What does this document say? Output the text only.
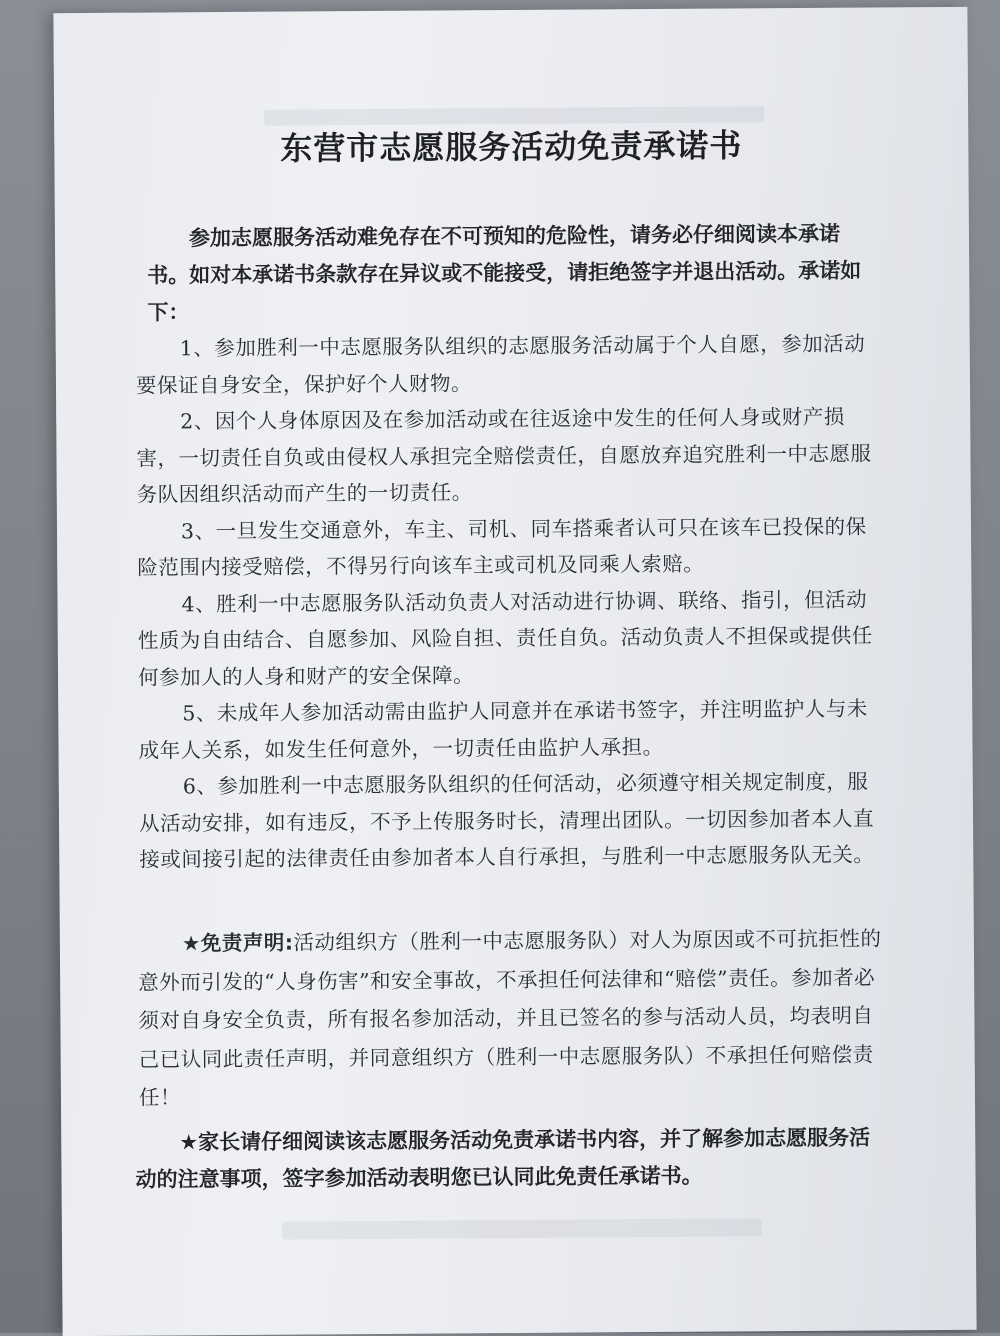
东营市志愿服务活动免责承诺书
参加志愿服务活动难免存在不可预知的危险性，请务必仔细阅读本承诺书。如对本承诺书条款存在异议或不能接受，请拒绝签字并退出活动。承诺如下：

1、参加胜利一中志愿服务队组织的志愿服务活动属于个人自愿，参加活动要保证自身安全，保护好个人财物。

2、因个人身体原因及在参加活动或在往返途中发生的任何人身或财产损害，一切责任自负或由侵权人承担完全赔偿责任，自愿放弃追究胜利一中志愿服务队因组织活动而产生的一切责任。

3、一旦发生交通意外，车主、司机、同车搭乘者认可只在该车已投保的保险范围内接受赔偿，不得另行向该车主或司机及同乘人索赔。

4、胜利一中志愿服务队活动负责人对活动进行协调、联络、指引，但活动性质为自由结合、自愿参加、风险自担、责任自负。活动负责人不担保或提供任何参加人的人身和财产的安全保障。

5、未成年人参加活动需由监护人同意并在承诺书签字，并注明监护人与未成年人关系，如发生任何意外，一切责任由监护人承担。

6、参加胜利一中志愿服务队组织的任何活动，必须遵守相关规定制度，服从活动安排，如有违反，不予上传服务时长，清理出团队。一切因参加者本人直接或间接引起的法律责任由参加者本人自行承担，与胜利一中志愿服务队无关。

★免责声明:活动组织方（胜利一中志愿服务队）对人为原因或不可抗拒性的意外而引发的“人身伤害”和安全事故，不承担任何法律和“赔偿”责任。参加者必须对自身安全负责，所有报名参加活动，并且已签名的参与活动人员，均表明自己已认同此责任声明，并同意组织方（胜利一中志愿服务队）不承担任何赔偿责任！
★家长请仔细阅读该志愿服务活动免责承诺书内容，并了解参加志愿服务活动的注意事项，签字参加活动表明您已认同此免责任承诺书。
